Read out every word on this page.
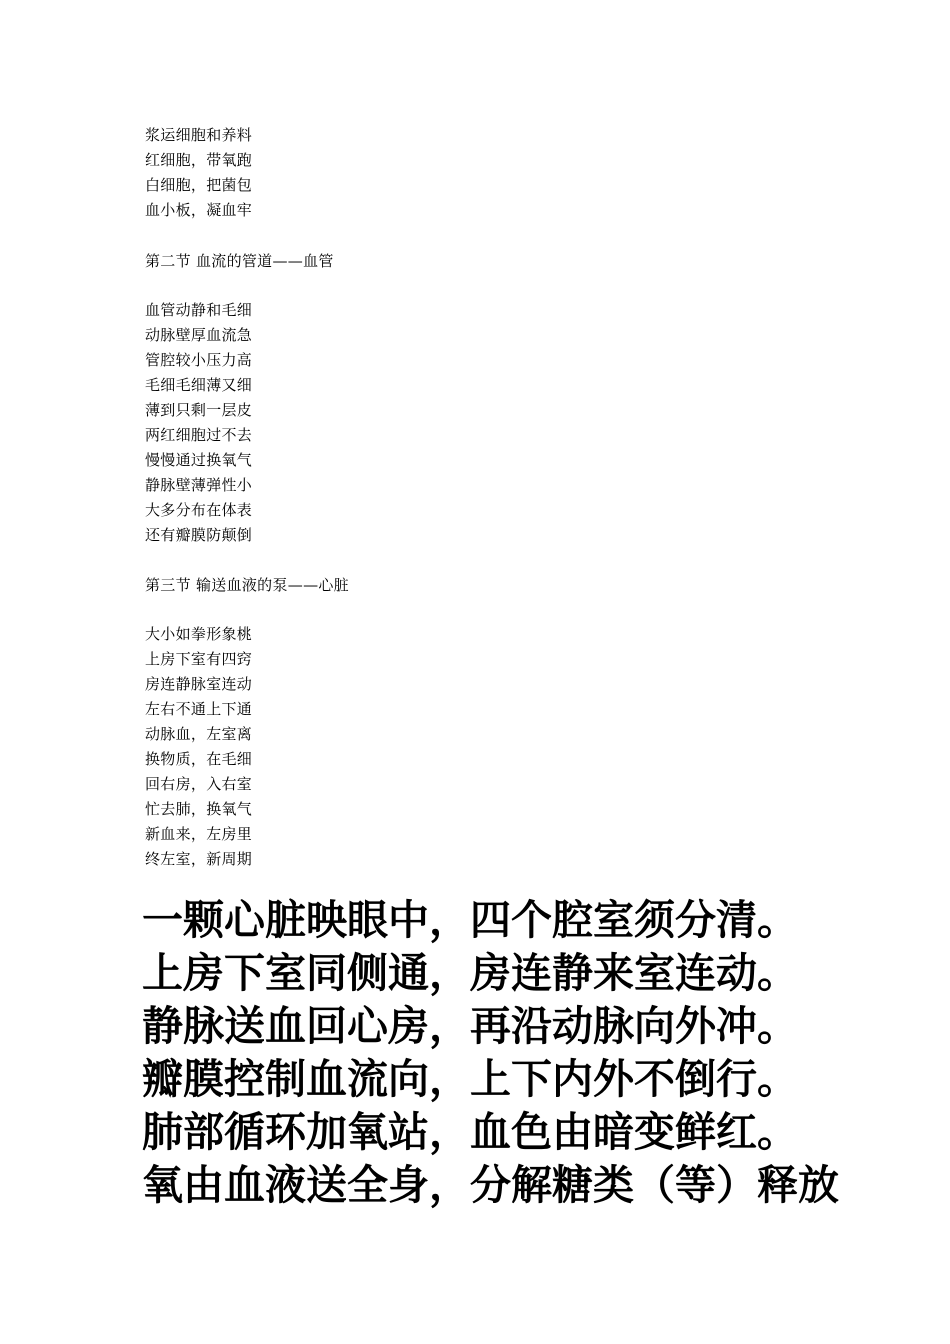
浆运细胞和养料
红细胞，带氧跑
白细胞，把菌包
血小板，凝血牢
第二节 血流的管道——血管
血管动静和毛细
动脉壁厚血流急
管腔较小压力高
毛细毛细薄又细
薄到只剩一层皮
两红细胞过不去
慢慢通过换氧气
静脉壁薄弹性小
大多分布在体表
还有瓣膜防颠倒
第三节 输送血液的泵——心脏
大小如拳形象桃
上房下室有四窍
房连静脉室连动
左右不通上下通
动脉血，左室离
换物质，在毛细
回右房，入右室
忙去肺，换氧气
新血来，左房里
终左室，新周期
一颗心脏映眼中，四个腔室须分清。
上房下室同侧通，房连静来室连动。
静脉送血回心房，再沿动脉向外冲。
瓣膜控制血流向，上下内外不倒行。
肺部循环加氧站，血色由暗变鲜红。
氧由血液送全身，分解糖类（等）释放
